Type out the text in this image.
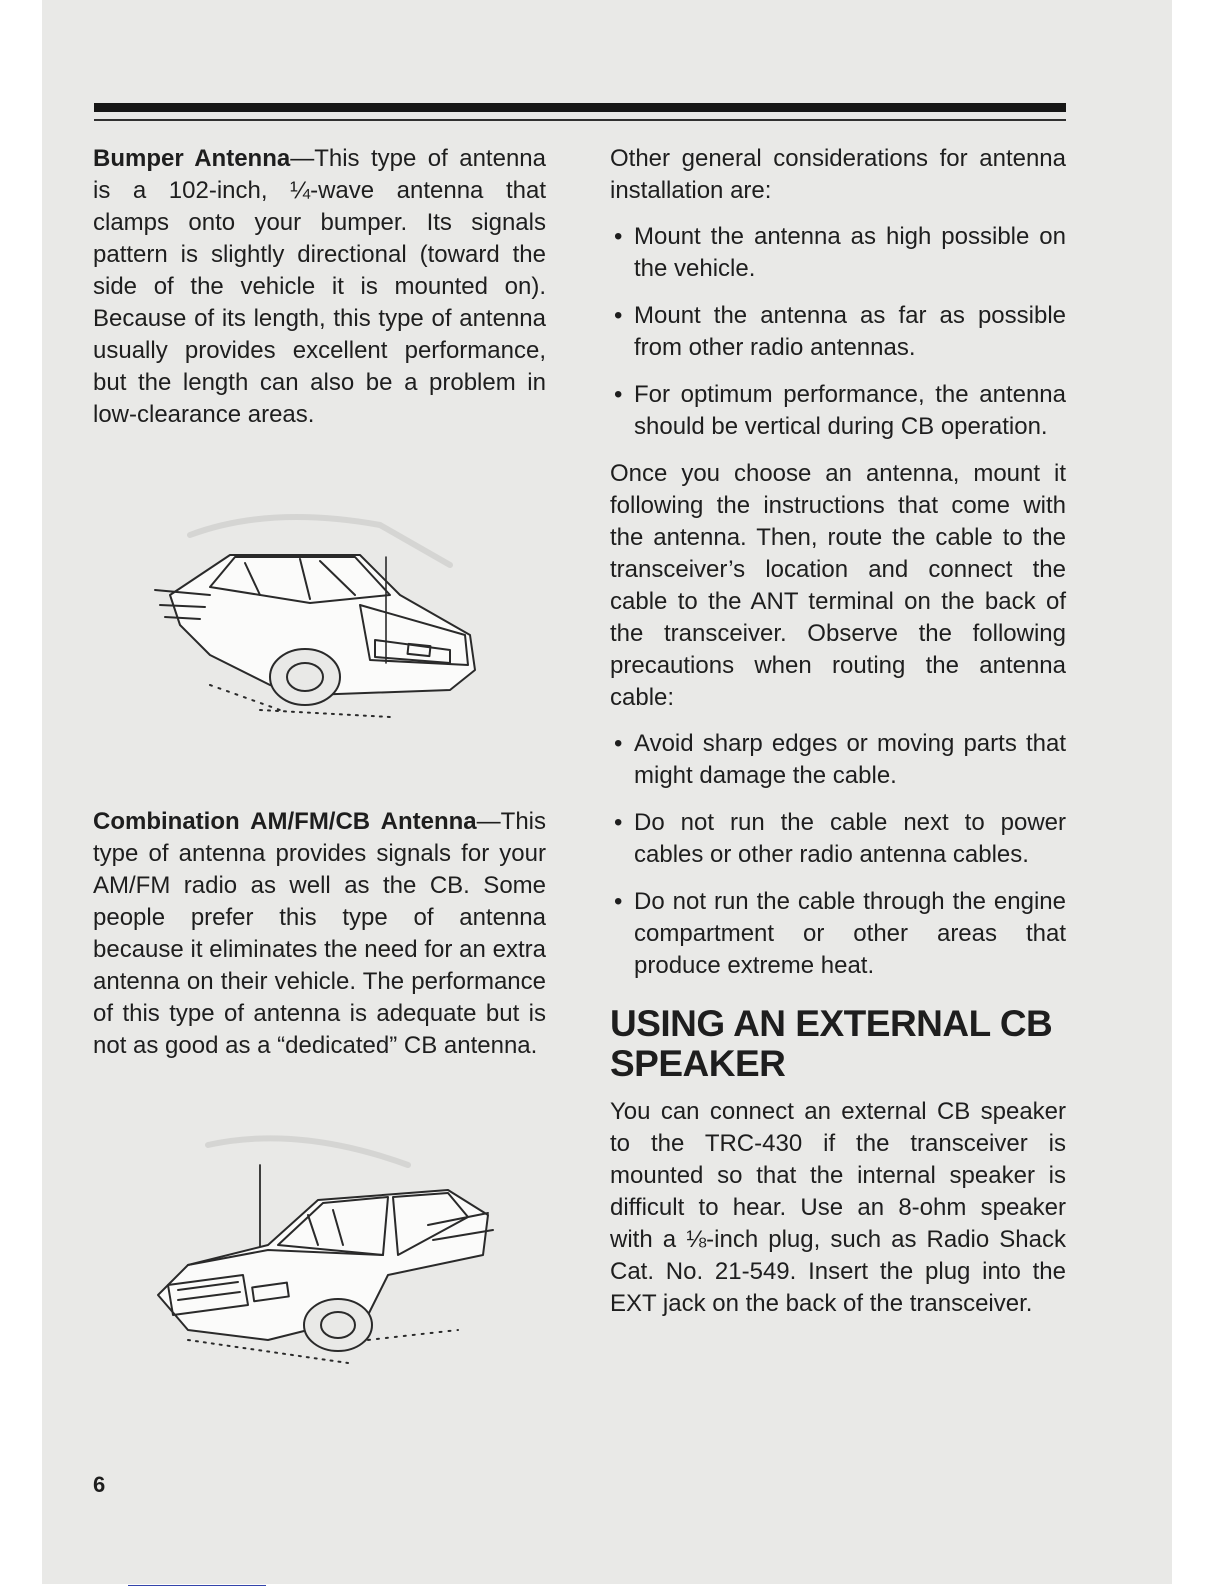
Bumper Antenna—This type of antenna is a 102-inch, ¼-wave antenna that clamps onto your bumper. Its signals pattern is slightly directional (toward the side of the vehicle it is mounted on). Because of its length, this type of antenna usually provides excellent performance, but the length can also be a problem in low-clearance areas.

Combination AM/FM/CB Antenna—This type of antenna provides signals for your AM/FM radio as well as the CB. Some people prefer this type of antenna because it eliminates the need for an extra antenna on their vehicle. The performance of this type of antenna is adequate but is not as good as a “dedicated” CB antenna.

Other general considerations for antenna installation are:

• Mount the antenna as high possible on the vehicle.
• Mount the antenna as far as possible from other radio antennas.
• For optimum performance, the antenna should be vertical during CB operation.

Once you choose an antenna, mount it following the instructions that come with the antenna. Then, route the cable to the transceiver’s location and connect the cable to the ANT terminal on the back of the transceiver. Observe the following precautions when routing the antenna cable:

• Avoid sharp edges or moving parts that might damage the cable.
• Do not run the cable next to power cables or other radio antenna cables.
• Do not run the cable through the engine compartment or other areas that produce extreme heat.
USING AN EXTERNAL CB SPEAKER

You can connect an external CB speaker to the TRC-430 if the transceiver is mounted so that the internal speaker is difficult to hear. Use an 8-ohm speaker with a ⅛-inch plug, such as Radio Shack Cat. No. 21-549. Insert the plug into the EXT jack on the back of the transceiver.

6
